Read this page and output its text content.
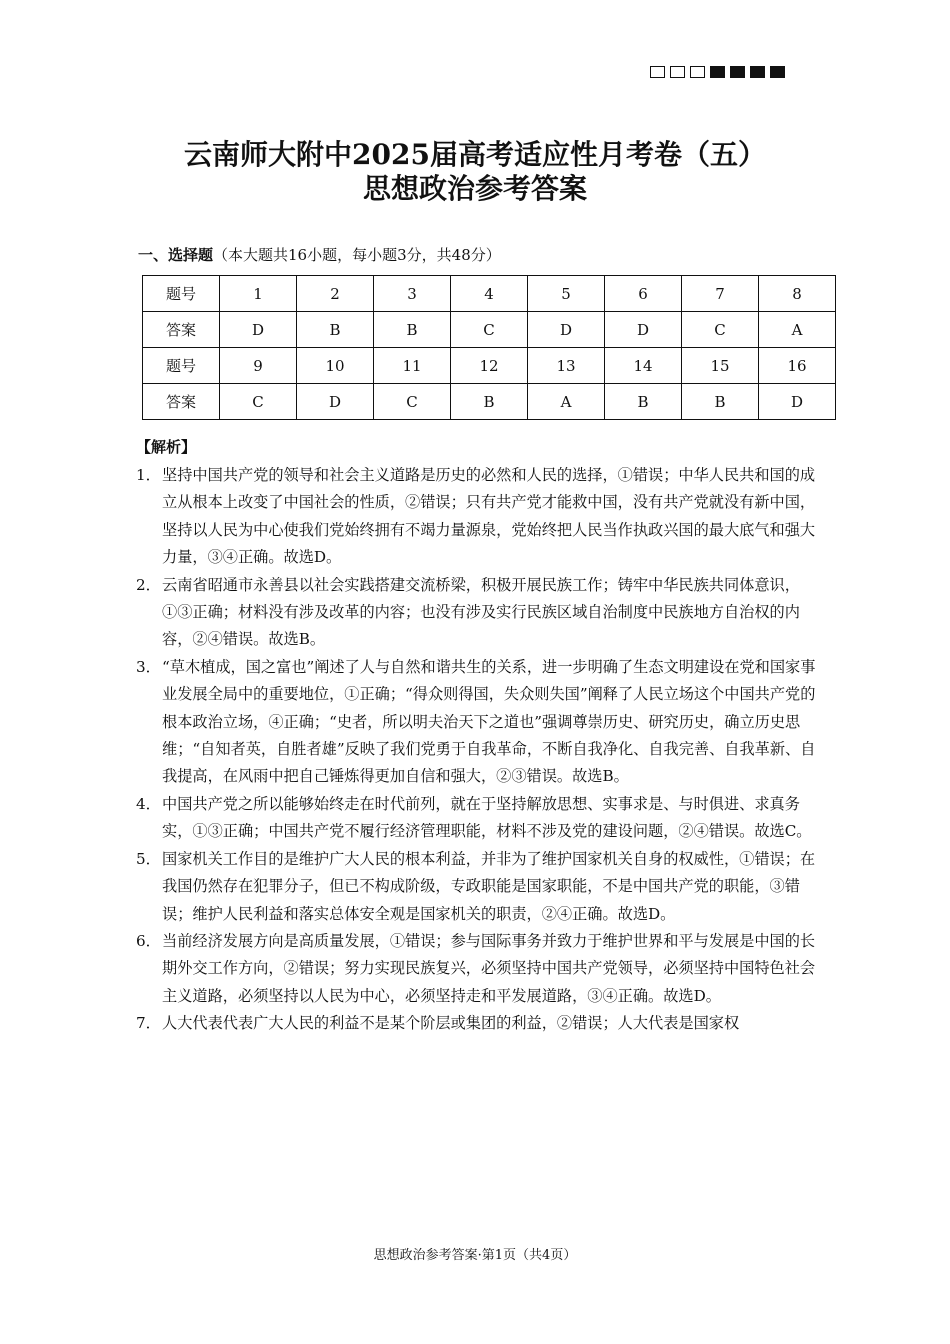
云南师大附中2025届高考适应性月考卷（五）
思想政治参考答案
一、选择题（本大题共16小题，每小题3分，共48分）
题号	1	2	3	4	5	6	7	8
答案	D	B	B	C	D	D	C	A
题号	9	10	11	12	13	14	15	16
答案	C	D	C	B	A	B	B	D
【解析】
1． 坚持中国共产党的领导和社会主义道路是历史的必然和人民的选择，①错误；中华人民共和国的成立从根本上改变了中国社会的性质，②错误；只有共产党才能救中国，没有共产党就没有新中国，坚持以人民为中心使我们党始终拥有不竭力量源泉，党始终把人民当作执政兴国的最大底气和强大力量，③④正确。故选D。
2． 云南省昭通市永善县以社会实践搭建交流桥梁，积极开展民族工作；铸牢中华民族共同体意识，①③正确；材料没有涉及改革的内容；也没有涉及实行民族区域自治制度中民族地方自治权的内容，②④错误。故选B。
3． “草木植成，国之富也”阐述了人与自然和谐共生的关系，进一步明确了生态文明建设在党和国家事业发展全局中的重要地位，①正确；“得众则得国，失众则失国”阐释了人民立场这个中国共产党的根本政治立场，④正确；“史者，所以明夫治天下之道也”强调尊崇历史、研究历史，确立历史思维；“自知者英，自胜者雄”反映了我们党勇于自我革命，不断自我净化、自我完善、自我革新、自我提高，在风雨中把自己锤炼得更加自信和强大，②③错误。故选B。
4． 中国共产党之所以能够始终走在时代前列，就在于坚持解放思想、实事求是、与时俱进、求真务实，①③正确；中国共产党不履行经济管理职能，材料不涉及党的建设问题，②④错误。故选C。
5． 国家机关工作目的是维护广大人民的根本利益，并非为了维护国家机关自身的权威性，①错误；在我国仍然存在犯罪分子，但已不构成阶级，专政职能是国家职能，不是中国共产党的职能，③错误；维护人民利益和落实总体安全观是国家机关的职责，②④正确。故选D。
6． 当前经济发展方向是高质量发展，①错误；参与国际事务并致力于维护世界和平与发展是中国的长期外交工作方向，②错误；努力实现民族复兴，必须坚持中国共产党领导，必须坚持中国特色社会主义道路，必须坚持以人民为中心，必须坚持走和平发展道路，③④正确。故选D。
7． 人大代表代表广大人民的利益不是某个阶层或集团的利益，②错误；人大代表是国家权
思想政治参考答案·第1页（共4页）
